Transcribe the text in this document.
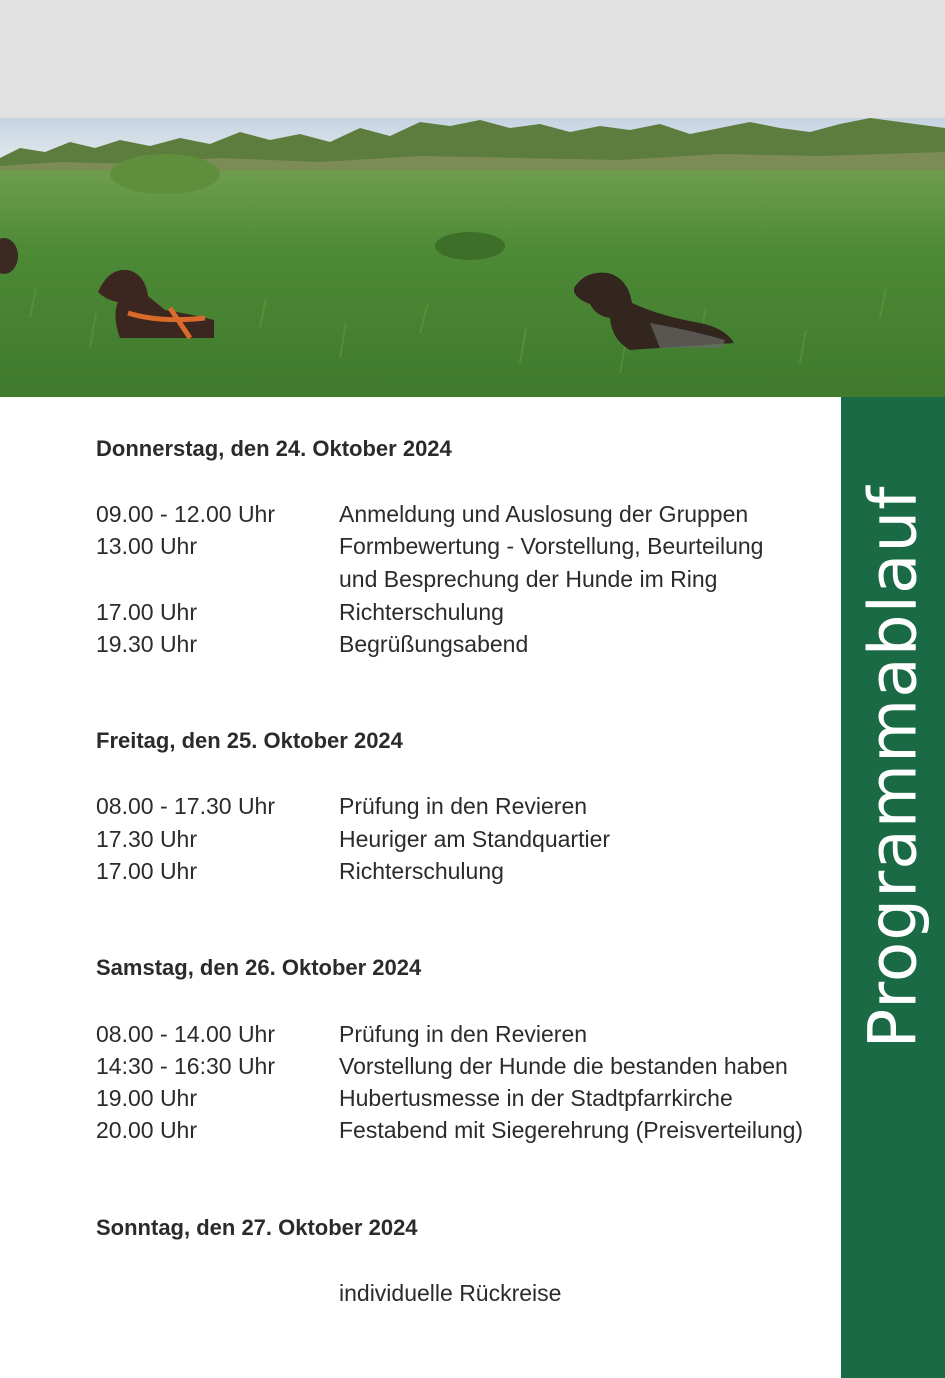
Donnerstag, den 24. Oktober 2024
09.00 - 12.00 Uhr	Anmeldung und Auslosung der Gruppen
13.00 Uhr	Formbewertung - Vorstellung, Beurteilung
und Besprechung der Hunde im Ring
17.00 Uhr	Richterschulung
19.30 Uhr	Begrüßungsabend
Freitag, den 25. Oktober 2024
08.00 - 17.30 Uhr	Prüfung in den Revieren
17.30 Uhr	Heuriger am Standquartier
17.00 Uhr	Richterschulung
Samstag, den 26. Oktober 2024
08.00 - 14.00 Uhr	Prüfung in den Revieren
14:30 - 16:30 Uhr	Vorstellung der Hunde die bestanden haben
19.00 Uhr	Hubertusmesse in der Stadtpfarrkirche
20.00 Uhr	Festabend mit Siegerehrung (Preisverteilung)
Sonntag, den 27. Oktober 2024
individuelle Rückreise
Programmablauf
